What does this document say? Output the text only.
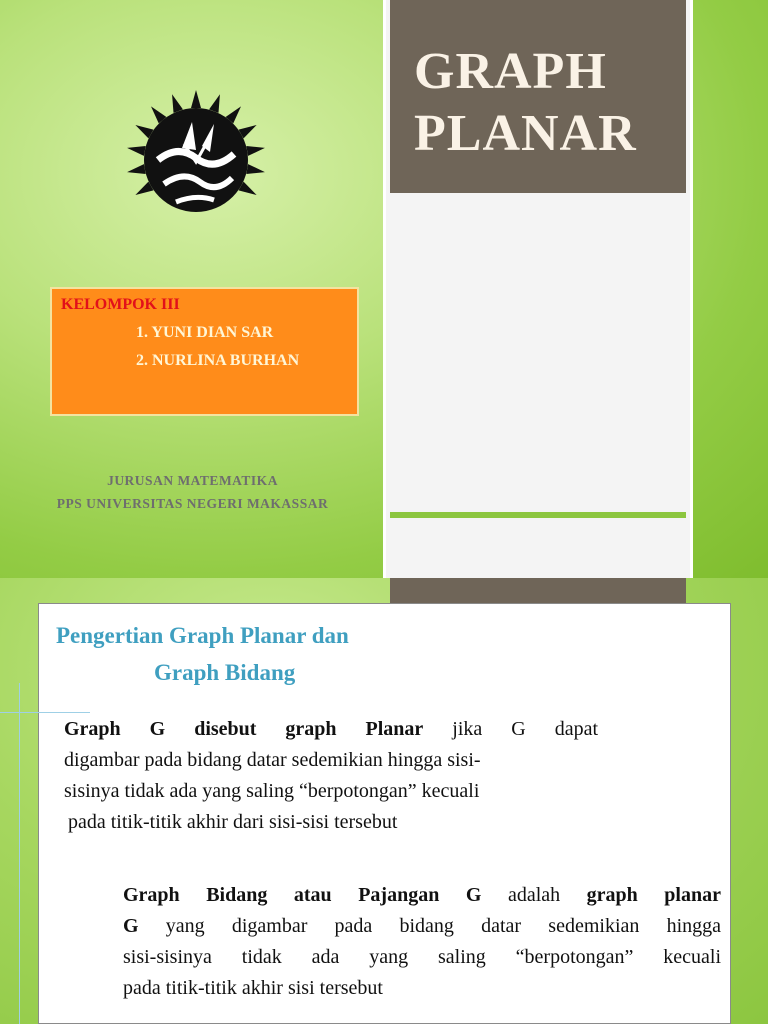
GRAPH
PLANAR
KELOMPOK III
1. YUNI DIAN SAR
2. NURLINA BURHAN
JURUSAN MATEMATIKA
PPS UNIVERSITAS NEGERI MAKASSAR
Pengertian Graph Planar dan
Graph Bidang
Graph G disebut graph Planar jika G dapat
digambar pada bidang datar sedemikian hingga sisi-
sisinya tidak ada yang saling “berpotongan” kecuali
pada titik-titik akhir dari sisi-sisi tersebut
Graph Bidang atau Pajangan G adalah graph planar
G yang digambar pada bidang datar sedemikian hingga
sisi-sisinya tidak ada yang saling “berpotongan” kecuali
pada titik-titik akhir sisi tersebut
